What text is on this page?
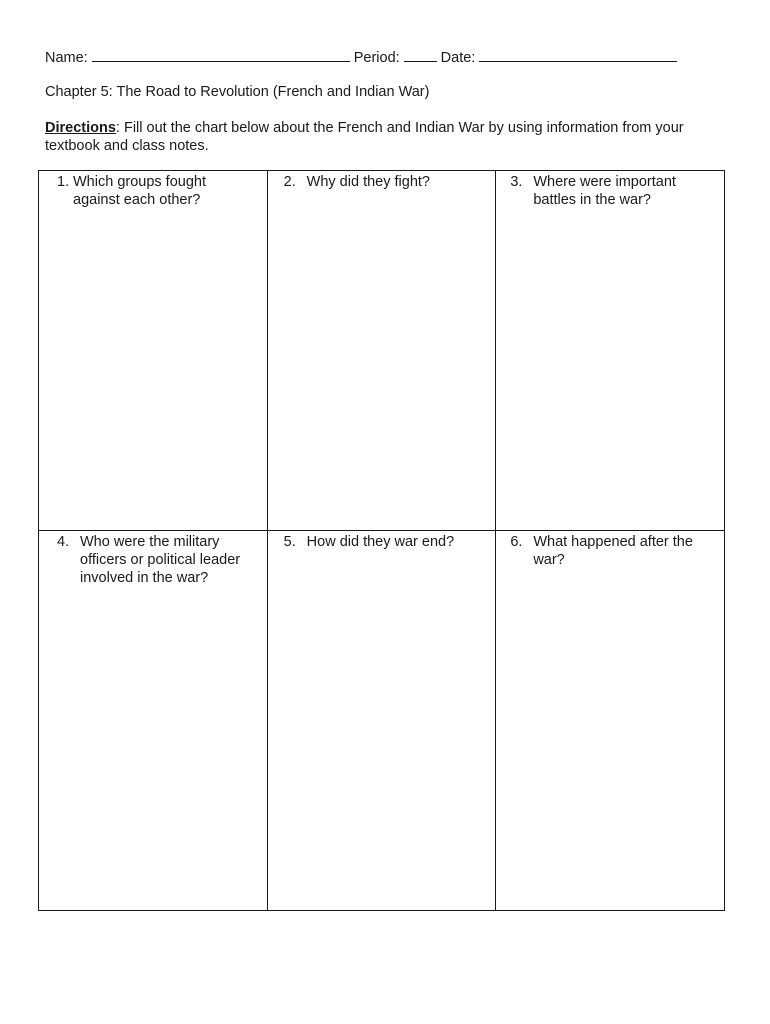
Name:	Period:	Date:
Chapter 5: The Road to Revolution (French and Indian War)
Directions: Fill out the chart below about the French and Indian War by using information from your textbook and class notes.
1. Which groups fought against each other?	2. Why did they fight?	3. Where were important battles in the war?

4. Who were the military officers or political leader involved in the war?	5. How did they war end?	6. What happened after the war?
